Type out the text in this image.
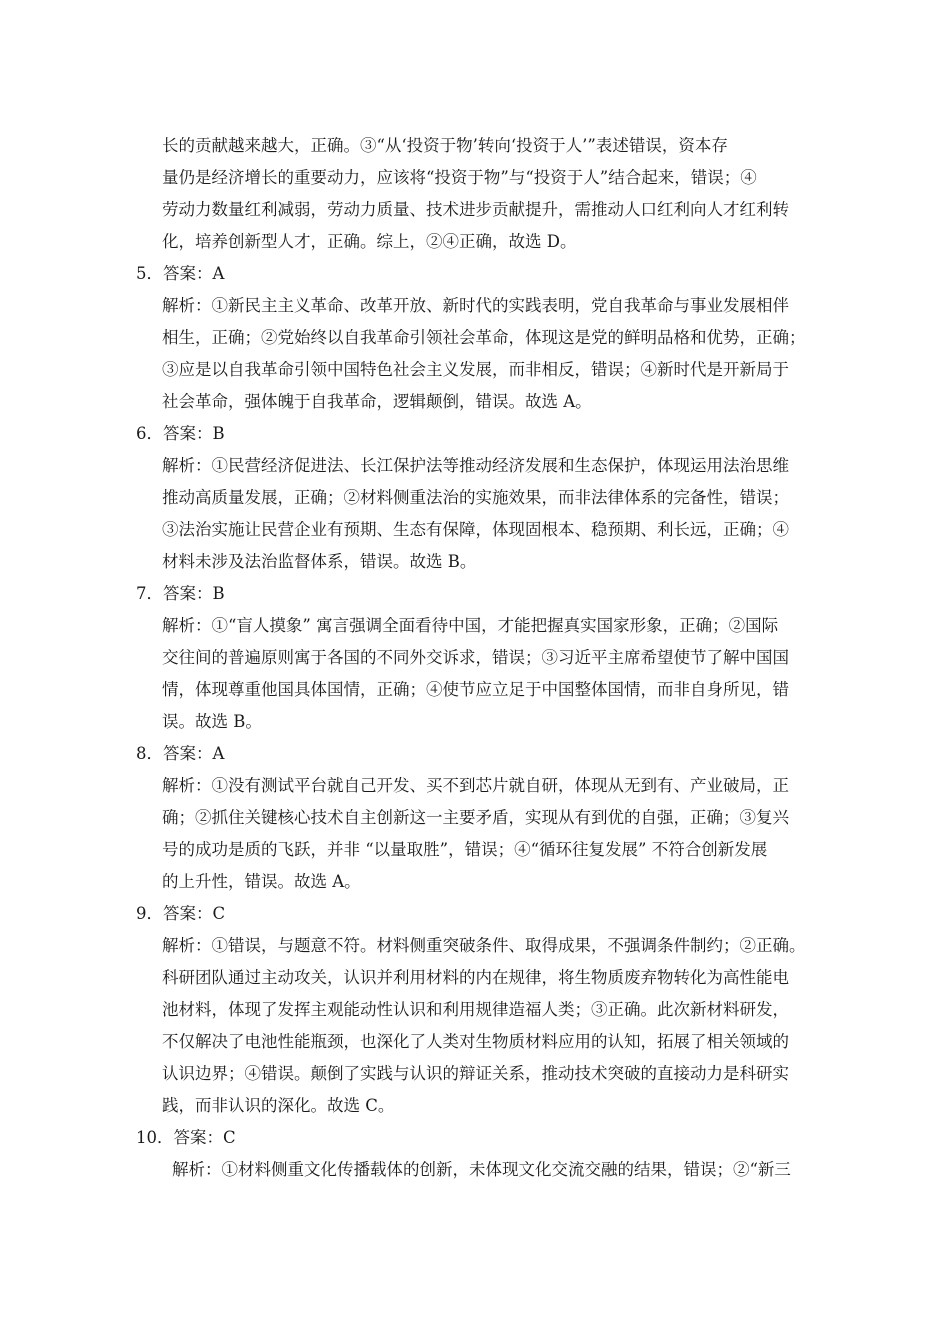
长的贡献越来越大，正确。③“从‘投资于物’转向‘投资于人’”表述错误，资本存
量仍是经济增长的重要动力，应该将“投资于物”与“投资于人”结合起来，错误；④
劳动力数量红利减弱，劳动力质量、技术进步贡献提升，需推动人口红利向人才红利转
化，培养创新型人才，正确。综上，②④正确，故选 D。
5．答案：A
解析：①新民主主义革命、改革开放、新时代的实践表明，党自我革命与事业发展相伴
相生，正确；②党始终以自我革命引领社会革命，体现这是党的鲜明品格和优势，正确；
③应是以自我革命引领中国特色社会主义发展，而非相反，错误；④新时代是开新局于
社会革命，强体魄于自我革命，逻辑颠倒，错误。故选 A。
6．答案：B
解析：①民营经济促进法、长江保护法等推动经济发展和生态保护，体现运用法治思维
推动高质量发展，正确；②材料侧重法治的实施效果，而非法律体系的完备性，错误；
③法治实施让民营企业有预期、生态有保障，体现固根本、稳预期、利长远，正确；④
材料未涉及法治监督体系，错误。故选 B。
7．答案：B
解析：①“盲人摸象” 寓言强调全面看待中国，才能把握真实国家形象，正确；②国际
交往间的普遍原则寓于各国的不同外交诉求，错误；③习近平主席希望使节了解中国国
情，体现尊重他国具体国情，正确；④使节应立足于中国整体国情，而非自身所见，错
误。故选 B。
8．答案：A
解析：①没有测试平台就自己开发、买不到芯片就自研，体现从无到有、产业破局，正
确；②抓住关键核心技术自主创新这一主要矛盾，实现从有到优的自强，正确；③复兴
号的成功是质的飞跃，并非 “以量取胜”，错误；④“循环往复发展” 不符合创新发展
的上升性，错误。故选 A。
9．答案：C
解析：①错误，与题意不符。材料侧重突破条件、取得成果，不强调条件制约；②正确。
科研团队通过主动攻关，认识并利用材料的内在规律，将生物质废弃物转化为高性能电
池材料，体现了发挥主观能动性认识和利用规律造福人类；③正确。此次新材料研发，
不仅解决了电池性能瓶颈，也深化了人类对生物质材料应用的认知，拓展了相关领域的
认识边界；④错误。颠倒了实践与认识的辩证关系，推动技术突破的直接动力是科研实
践，而非认识的深化。故选 C。
10．答案：C
解析：①材料侧重文化传播载体的创新，未体现文化交流交融的结果，错误；②“新三
